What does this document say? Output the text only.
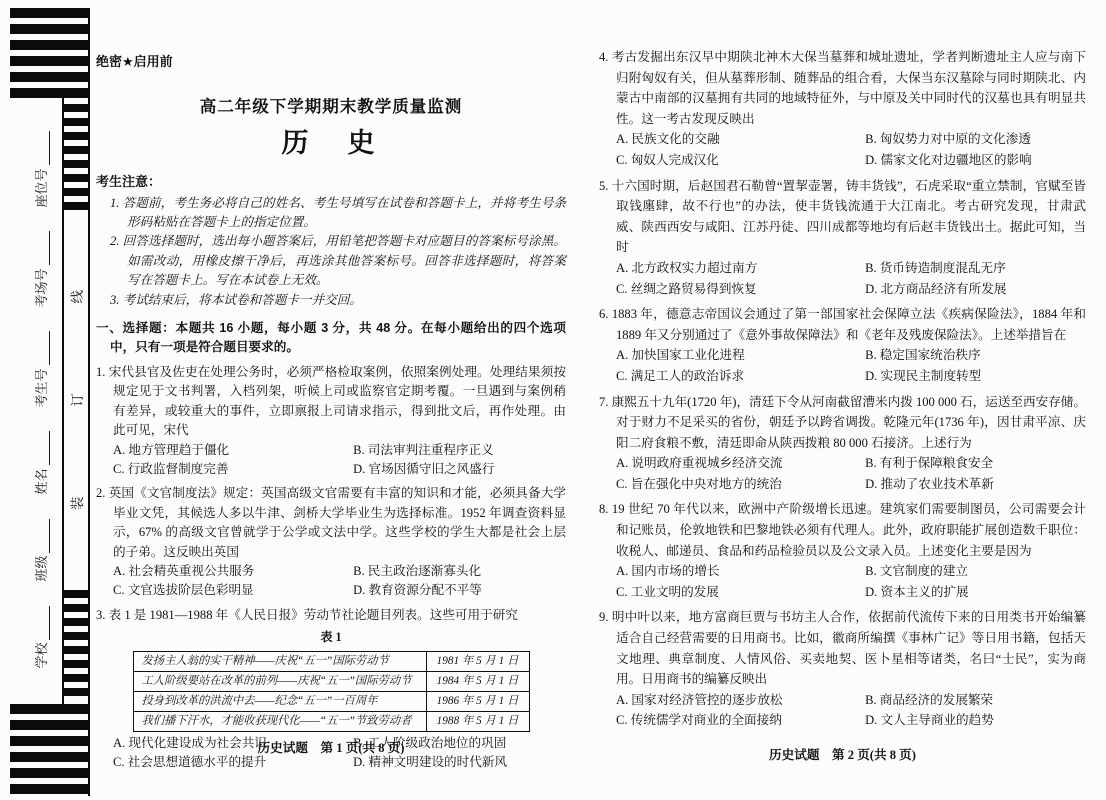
学校
班级
姓名
考生号
考场号
座位号
装
订
线
绝密★启用前
高二年级下学期期末教学质量监测
历　史
考生注意：
1. 答题前，考生务必将自己的姓名、考生号填写在试卷和答题卡上，并将考生号条形码粘贴在答题卡上的指定位置。
2. 回答选择题时，选出每小题答案后，用铅笔把答题卡对应题目的答案标号涂黑。如需改动，用橡皮擦干净后，再选涂其他答案标号。回答非选择题时，将答案写在答题卡上。写在本试卷上无效。
3. 考试结束后，将本试卷和答题卡一并交回。
一、选择题：本题共 16 小题，每小题 3 分，共 48 分。在每小题给出的四个选项中，只有一项是符合题目要求的。
1. 宋代县官及佐吏在处理公务时，必须严格检取案例，依照案例处理。处理结果须按规定见于文书判署，入档列架，听候上司或监察官定期考覆。一旦遇到与案例稍有差异，或较重大的事件，立即禀报上司请求指示，得到批文后，再作处理。由此可见，宋代
A. 地方管理趋于僵化	B. 司法审判注重程序正义
C. 行政监督制度完善	D. 官场因循守旧之风盛行
2. 英国《文官制度法》规定：英国高级文官需要有丰富的知识和才能，必须具备大学毕业文凭，其候选人多以牛津、剑桥大学毕业生为选择标准。1952 年调查资料显示，67% 的高级文官曾就学于公学或文法中学。这些学校的学生大都是社会上层的子弟。这反映出英国
A. 社会精英重视公共服务	B. 民主政治逐渐寡头化
C. 文官选拔阶层色彩明显	D. 教育资源分配不平等
3. 表 1 是 1981—1988 年《人民日报》劳动节社论题目列表。这些可用于研究
表 1
发扬主人翁的实干精神——庆祝“五一”国际劳动节	1981 年 5 月 1 日
工人阶级要站在改革的前列——庆祝“五一”国际劳动节	1984 年 5 月 1 日
投身到改革的洪流中去——纪念“五一”一百周年	1986 年 5 月 1 日
我们播下汗水，才能收获现代化——“五一”节致劳动者	1988 年 5 月 1 日
A. 现代化建设成为社会共识	B. 工人阶级政治地位的巩固
C. 社会思想道德水平的提升	D. 精神文明建设的时代新风
4. 考古发掘出东汉早中期陕北神木大保当墓葬和城址遗址，学者判断遗址主人应与南下归附匈奴有关，但从墓葬形制、随葬品的组合看，大保当东汉墓除与同时期陕北、内蒙古中南部的汉墓拥有共同的地域特征外，与中原及关中同时代的汉墓也具有明显共性。这一考古发现反映出
A. 民族文化的交融	B. 匈奴势力对中原的文化渗透
C. 匈奴人完成汉化	D. 儒家文化对边疆地区的影响
5. 十六国时期，后赵国君石勒曾“置挈壶署，铸丰货钱”，石虎采取“重立禁制，官赋至皆取钱廛肆，故不行也”的办法，使丰货钱流通于大江南北。考古研究发现，甘肃武威、陕西西安与咸阳、江苏丹徒、四川成都等地均有后赵丰货钱出土。据此可知，当时
A. 北方政权实力超过南方	B. 货币铸造制度混乱无序
C. 丝绸之路贸易得到恢复	D. 北方商品经济有所发展
6. 1883 年，德意志帝国议会通过了第一部国家社会保障立法《疾病保险法》，1884 年和 1889 年又分别通过了《意外事故保障法》和《老年及残废保险法》。上述举措旨在
A. 加快国家工业化进程	B. 稳定国家统治秩序
C. 满足工人的政治诉求	D. 实现民主制度转型
7. 康熙五十九年(1720 年)，清廷下令从河南截留漕米内拨 100 000 石，运送至西安存储。对于财力不足采买的省份，朝廷予以跨省调拨。乾隆元年(1736 年)，因甘肃平凉、庆阳二府食粮不敷，清廷即命从陕西拨粮 80 000 石接济。上述行为
A. 说明政府重视城乡经济交流	B. 有利于保障粮食安全
C. 旨在强化中央对地方的统治	D. 推动了农业技术革新
8. 19 世纪 70 年代以来，欧洲中产阶级增长迅速。建筑家们需要制图员，公司需要会计和记账员，伦敦地铁和巴黎地铁必须有代理人。此外，政府职能扩展创造数千职位：收税人、邮递员、食品和药品检验员以及公文录入员。上述变化主要是因为
A. 国内市场的增长	B. 文官制度的建立
C. 工业文明的发展	D. 资本主义的扩展
9. 明中叶以来，地方富商巨贾与书坊主人合作，依据前代流传下来的日用类书开始编纂适合自己经营需要的日用商书。比如，徽商所编撰《事林广记》等日用书籍，包括天文地理、典章制度、人情风俗、买卖地契、医卜星相等诸类，名曰“士民”，实为商用。日用商书的编纂反映出
A. 国家对经济管控的逐步放松	B. 商品经济的发展繁荣
C. 传统儒学对商业的全面接纳	D. 文人主导商业的趋势
历史试题　第 1 页(共 8 页)	历史试题　第 2 页(共 8 页)
